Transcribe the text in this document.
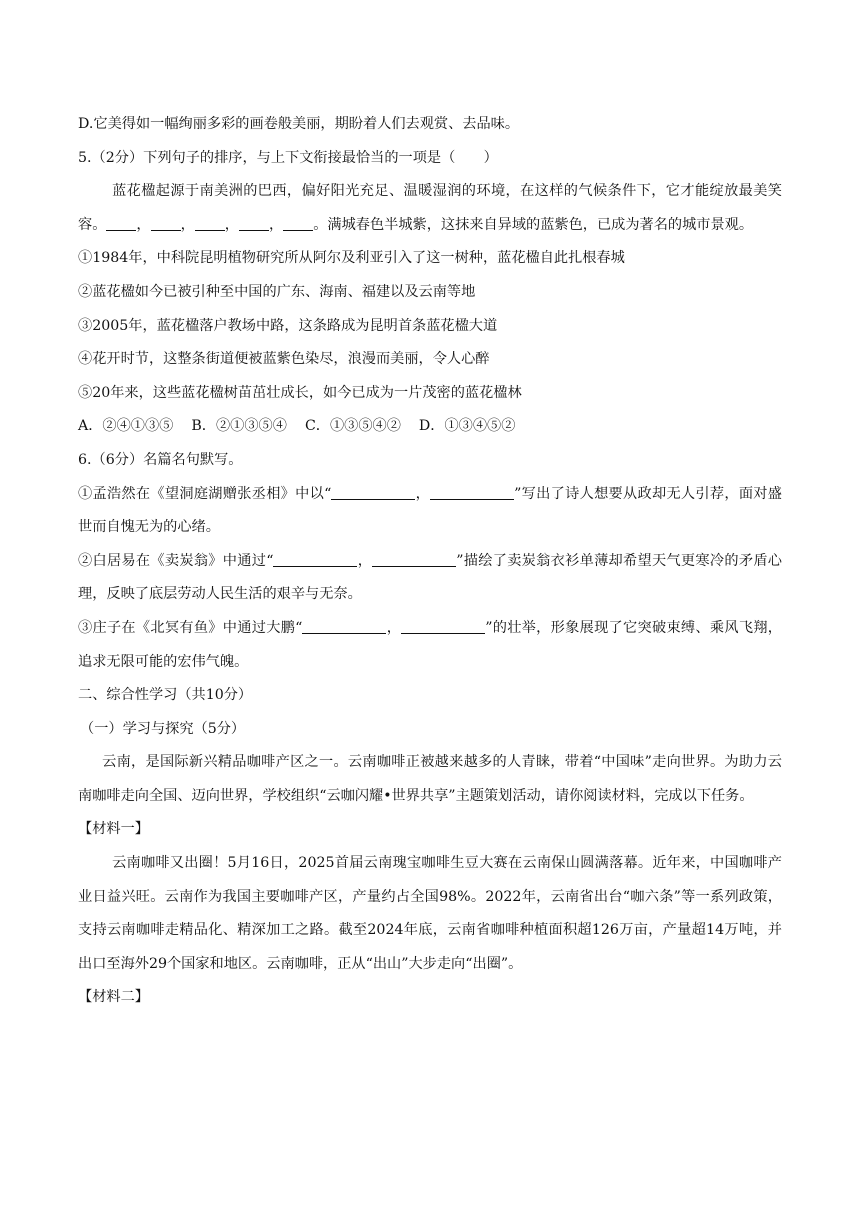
D.它美得如一幅绚丽多彩的画卷般美丽，期盼着人们去观赏、去品味。

5.（2分）下列句子的排序，与上下文衔接最恰当的一项是（　　）

蓝花楹起源于南美洲的巴西，偏好阳光充足、温暖湿润的环境，在这样的气候条件下，它才能绽放最美笑容。 ， ， ， ， 。满城春色半城紫，这抹来自异域的蓝紫色，已成为著名的城市景观。

①1984年，中科院昆明植物研究所从阿尔及利亚引入了这一树种，蓝花楹自此扎根春城

②蓝花楹如今已被引种至中国的广东、海南、福建以及云南等地

③2005年，蓝花楹落户教场中路，这条路成为昆明首条蓝花楹大道

④花开时节，这整条街道便被蓝紫色染尽，浪漫而美丽，令人心醉

⑤20年来，这些蓝花楹树苗茁壮成长，如今已成为一片茂密的蓝花楹林

A．②④①③⑤ B．②①③⑤④ C．①③⑤④② D．①③④⑤②

6.（6分）名篇名句默写。

①孟浩然在《望洞庭湖赠张丞相》中以“	，	”写出了诗人想要从政却无人引荐，面对盛世而自愧无为的心绪。

②白居易在《卖炭翁》中通过“	，	”描绘了卖炭翁衣衫单薄却希望天气更寒冷的矛盾心理，反映了底层劳动人民生活的艰辛与无奈。

③庄子在《北冥有鱼》中通过大鹏“	，	”的壮举，形象展现了它突破束缚、乘风飞翔，追求无限可能的宏伟气魄。

二、综合性学习（共10分）

（一）学习与探究（5分）

云南，是国际新兴精品咖啡产区之一。云南咖啡正被越来越多的人青睐，带着“中国味”走向世界。为助力云南咖啡走向全国、迈向世界，学校组织“云咖闪耀•世界共享”主题策划活动，请你阅读材料，完成以下任务。

【材料一】

云南咖啡又出圈！5月16日，2025首届云南瑰宝咖啡生豆大赛在云南保山圆满落幕。近年来，中国咖啡产业日益兴旺。云南作为我国主要咖啡产区，产量约占全国98%。2022年，云南省出台“咖六条”等一系列政策，支持云南咖啡走精品化、精深加工之路。截至2024年底，云南省咖啡种植面积超126万亩，产量超14万吨，并出口至海外29个国家和地区。云南咖啡，正从“出山”大步走向“出圈”。

【材料二】
